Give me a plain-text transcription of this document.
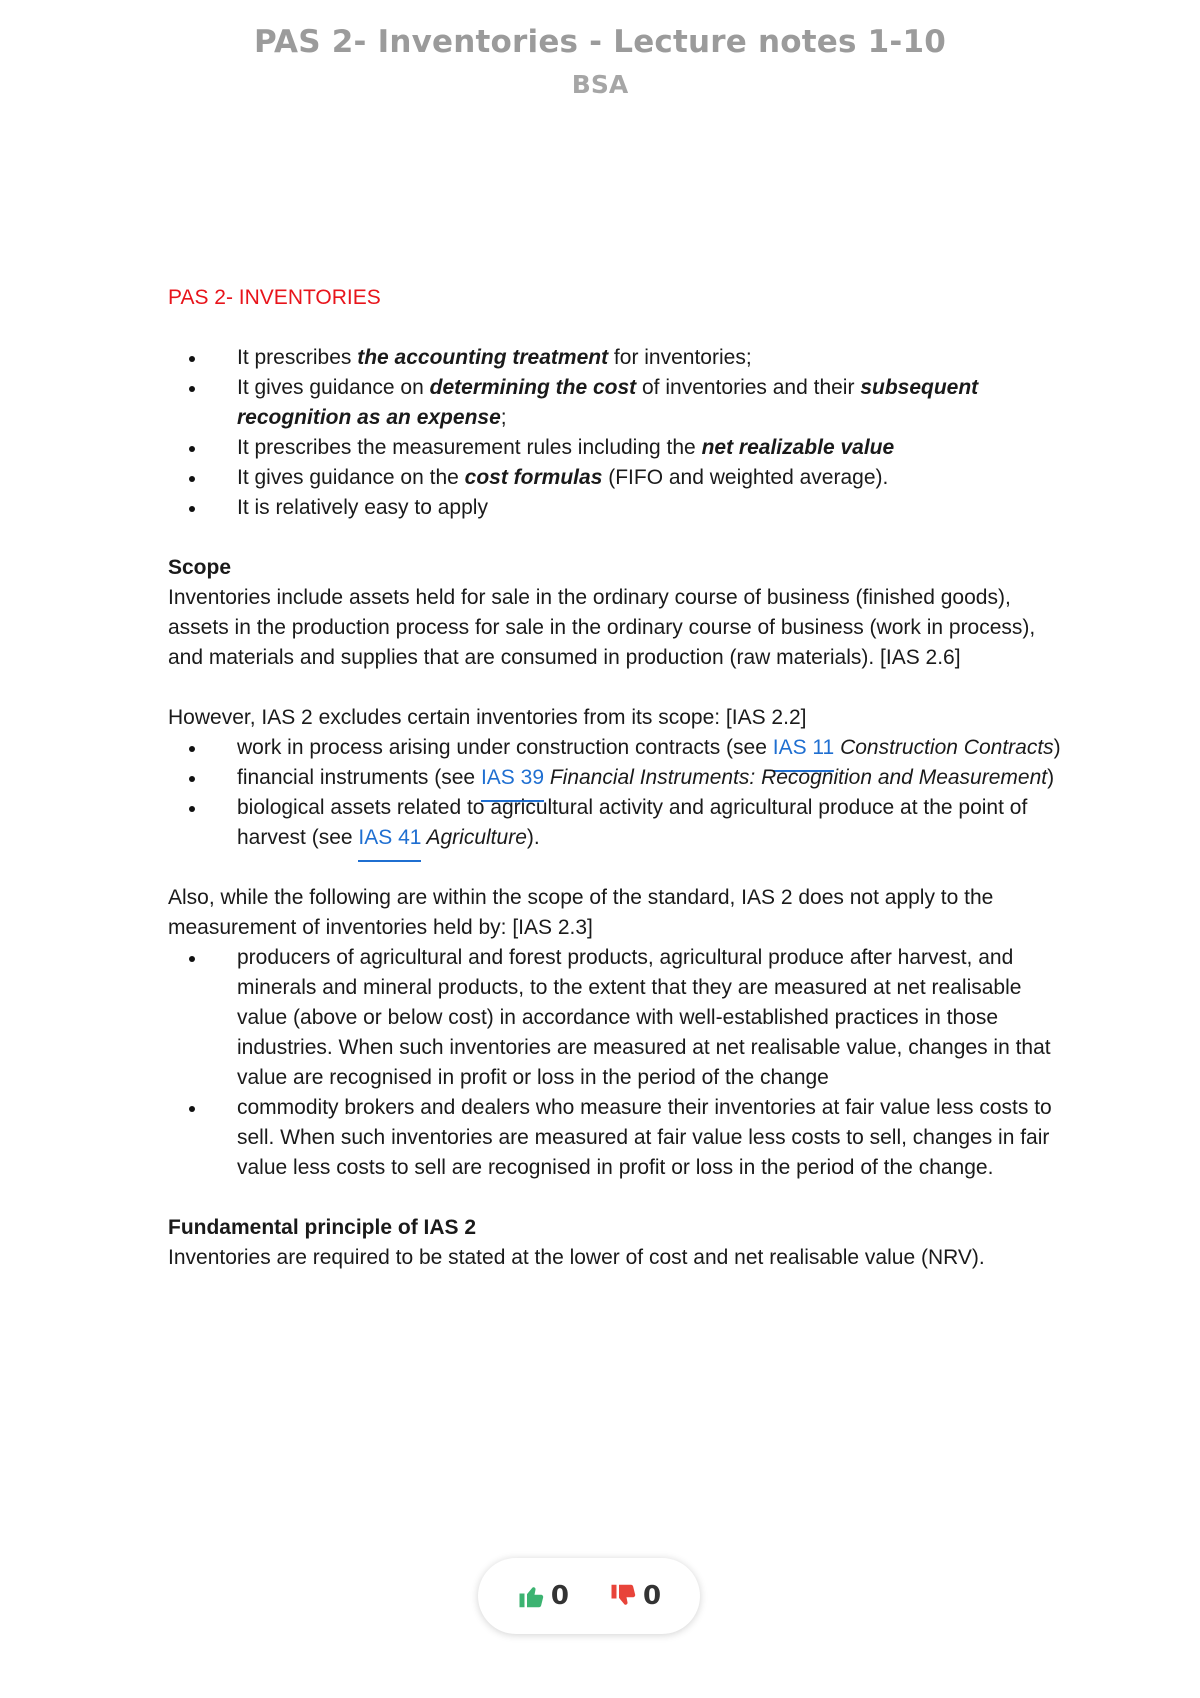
PAS 2- Inventories - Lecture notes 1-10
BSA

PAS 2- INVENTORIES

It prescribes the accounting treatment for inventories;
It gives guidance on determining the cost of inventories and their subsequent recognition as an expense;
It prescribes the measurement rules including the net realizable value
It gives guidance on the cost formulas (FIFO and weighted average).
It is relatively easy to apply

Scope

Inventories include assets held for sale in the ordinary course of business (finished goods), assets in the production process for sale in the ordinary course of business (work in process), and materials and supplies that are consumed in production (raw materials). [IAS 2.6]

However, IAS 2 excludes certain inventories from its scope: [IAS 2.2]

work in process arising under construction contracts (see IAS 11 Construction Contracts)
financial instruments (see IAS 39 Financial Instruments: Recognition and Measurement)
biological assets related to agricultural activity and agricultural produce at the point of harvest (see IAS 41 Agriculture).

Also, while the following are within the scope of the standard, IAS 2 does not apply to the measurement of inventories held by: [IAS 2.3]

producers of agricultural and forest products, agricultural produce after harvest, and minerals and mineral products, to the extent that they are measured at net realisable value (above or below cost) in accordance with well-established practices in those industries. When such inventories are measured at net realisable value, changes in that value are recognised in profit or loss in the period of the change
commodity brokers and dealers who measure their inventories at fair value less costs to sell. When such inventories are measured at fair value less costs to sell, changes in fair value less costs to sell are recognised in profit or loss in the period of the change.

Fundamental principle of IAS 2

Inventories are required to be stated at the lower of cost and net realisable value (NRV).

0	0
